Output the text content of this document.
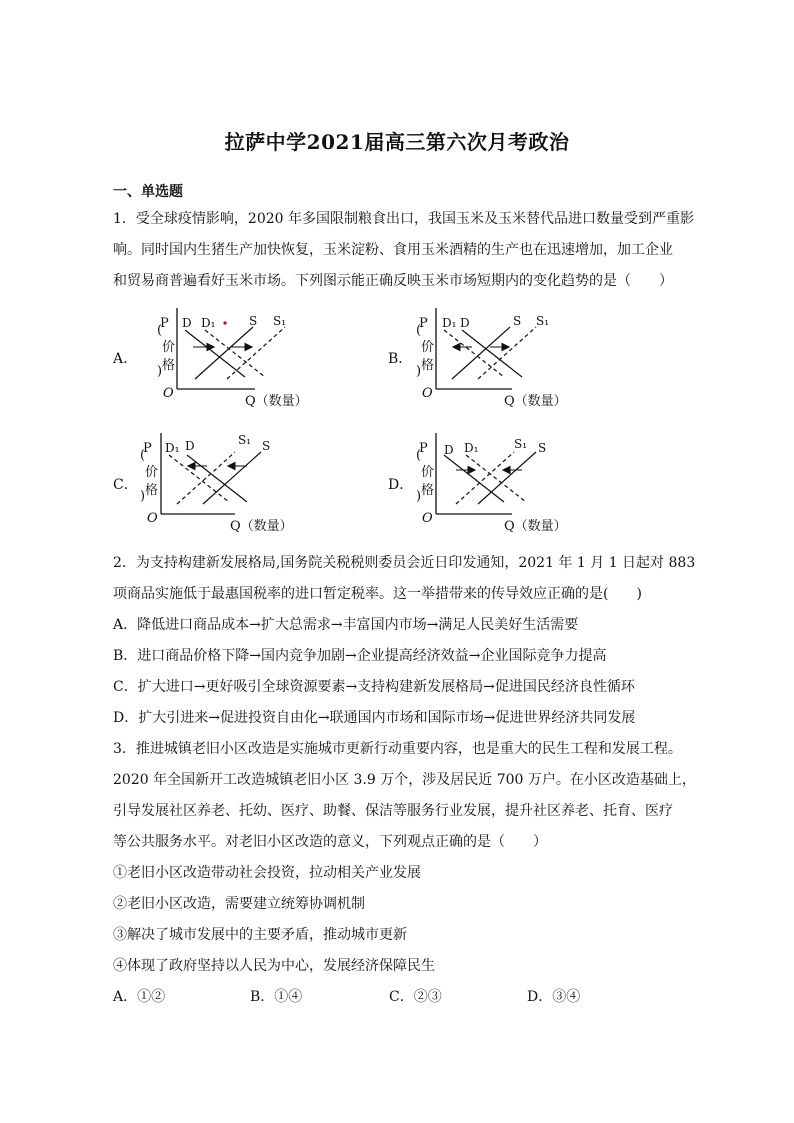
拉萨中学2021届高三第六次月考政治
一、单选题
1．受全球疫情影响，2020 年多国限制粮食出口，我国玉米及玉米替代品进口数量受到严重影
响。同时国内生猪生产加快恢复，玉米淀粉、食用玉米酒精的生产也在迅速增加，加工企业
和贸易商普遍看好玉米市场。下列图示能正确反映玉米市场短期内的变化趋势的是（　　）
A．
P
(
价
格
)
O
Q（数量）
D D₁	S S₁
B．
P
(
价
格
)
O
Q（数量）
D₁ D	S S₁
C．
P
(
价
格
)
O
Q（数量）
D₁ D	S₁ S
D．
P
(
价
格
)
O
Q（数量）
D D₁	S₁ S
2．为支持构建新发展格局,国务院关税税则委员会近日印发通知，2021 年 1 月 1 日起对 883
项商品实施低于最惠国税率的进口暂定税率。这一举措带来的传导效应正确的是(　　)
A．降低进口商品成本→扩大总需求→丰富国内市场→满足人民美好生活需要
B．进口商品价格下降→国内竞争加剧→企业提高经济效益→企业国际竞争力提高
C．扩大进口→更好吸引全球资源要素→支持构建新发展格局→促进国民经济良性循环
D．扩大引进来→促进投资自由化→联通国内市场和国际市场→促进世界经济共同发展
3．推进城镇老旧小区改造是实施城市更新行动重要内容，也是重大的民生工程和发展工程。
2020 年全国新开工改造城镇老旧小区 3.9 万个，涉及居民近 700 万户。在小区改造基础上，
引导发展社区养老、托幼、医疗、助餐、保洁等服务行业发展，提升社区养老、托育、医疗
等公共服务水平。对老旧小区改造的意义，下列观点正确的是（　　）
①老旧小区改造带动社会投资，拉动相关产业发展
②老旧小区改造，需要建立统筹协调机制
③解决了城市发展中的主要矛盾，推动城市更新
④体现了政府坚持以人民为中心，发展经济保障民生
A．①②	B．①④	C．②③	D．③④
